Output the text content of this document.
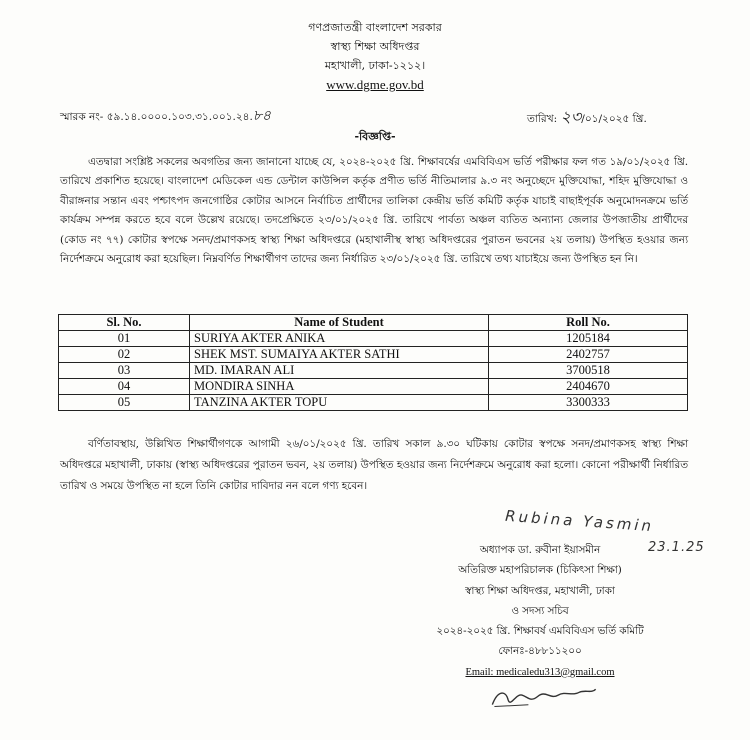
গণপ্রজাতন্ত্রী বাংলাদেশ সরকার
স্বাস্থ্য শিক্ষা অধিদপ্তর
মহাখালী, ঢাকা-১২১২।
www.dgme.gov.bd
স্মারক নং- ৫৯.১৪.০০০০.১০৩.৩১.০০১.২৪.৮৪	তারিখ: ২৩/০১/২০২৫ খ্রি.
-বিজ্ঞপ্তি-
এতদ্বারা সংশ্লিষ্ট সকলের অবগতির জন্য জানানো যাচ্ছে যে, ২০২৪-২০২৫ খ্রি. শিক্ষাবর্ষের এমবিবিএস ভর্তি পরীক্ষার ফল গত ১৯/০১/২০২৫ খ্রি. তারিখে প্রকাশিত হয়েছে। বাংলাদেশ মেডিকেল এন্ড ডেন্টাল কাউন্সিল কর্তৃক প্রণীত ভর্তি নীতিমালার ৯.৩ নং অনুচ্ছেদে মুক্তিযোদ্ধা, শহিদ মুক্তিযোদ্ধা ও বীরাঙ্গনার সন্তান এবং পশ্চাৎপদ জনগোষ্ঠির কোটার আসনে নির্বাচিত প্রার্থীদের তালিকা কেন্দ্রীয় ভর্তি কমিটি কর্তৃক যাচাই বাছাইপূর্বক অনুমোদনক্রমে ভর্তি কার্যক্রম সম্পন্ন করতে হবে বলে উল্লেখ রয়েছে। তদপ্রেক্ষিতে ২৩/০১/২০২৫ খ্রি. তারিখে পার্বত্য অঞ্চল ব্যতিত অন্যান্য জেলার উপজাতীয় প্রার্থীদের (কোড নং ৭৭) কোটার স্বপক্ষে সনদ/প্রমাণকসহ স্বাস্থ্য শিক্ষা অধিদপ্তরে (মহাখালীস্থ স্বাস্থ্য অধিদপ্তরের পুরাতন ভবনের ২য় তলায়) উপস্থিত হওয়ার জন্য নির্দেশক্রমে অনুরোধ করা হয়েছিল। নিম্নবর্ণিত শিক্ষার্থীগণ তাদের জন্য নির্ধারিত ২৩/০১/২০২৫ খ্রি. তারিখে তথ্য যাচাইয়ে জন্য উপস্থিত হন নি।
Sl. No.	Name of Student	Roll No.
01	SURIYA AKTER ANIKA	1205184
02	SHEK MST. SUMAIYA AKTER SATHI	2402757
03	MD. IMARAN ALI	3700518
04	MONDIRA SINHA	2404670
05	TANZINA AKTER TOPU	3300333
বর্ণিতাবস্থায়, উল্লিখিত শিক্ষার্থীগণকে আগামী ২৬/০১/২০২৫ খ্রি. তারিখ সকাল ৯.৩০ ঘটিকায় কোটার স্বপক্ষে সনদ/প্রমাণকসহ স্বাস্থ্য শিক্ষা অধিদপ্তরে মহাখালী, ঢাকায় (স্বাস্থ্য অধিদপ্তরের পুরাতন ভবন, ২য় তলায়) উপস্থিত হওয়ার জন্য নির্দেশক্রমে অনুরোধ করা হলো। কোনো পরীক্ষার্থী নির্ধারিত তারিখ ও সময়ে উপস্থিত না হলে তিনি কোটার দাবিদার নন বলে গণ্য হবেন।
Rubina Yasmin
23.1.25
অধ্যাপক ডা. রুবীনা ইয়াসমীন
অতিরিক্ত মহাপরিচালক (চিকিৎসা শিক্ষা)
স্বাস্থ্য শিক্ষা অধিদপ্তর, মহাখালী, ঢাকা
ও সদস্য সচিব
২০২৪-২০২৫ খ্রি. শিক্ষাবর্ষ এমবিবিএস ভর্তি কমিটি
ফোনঃ-৪৮৮১১২০০
Email: medicaledu313@gmail.com
